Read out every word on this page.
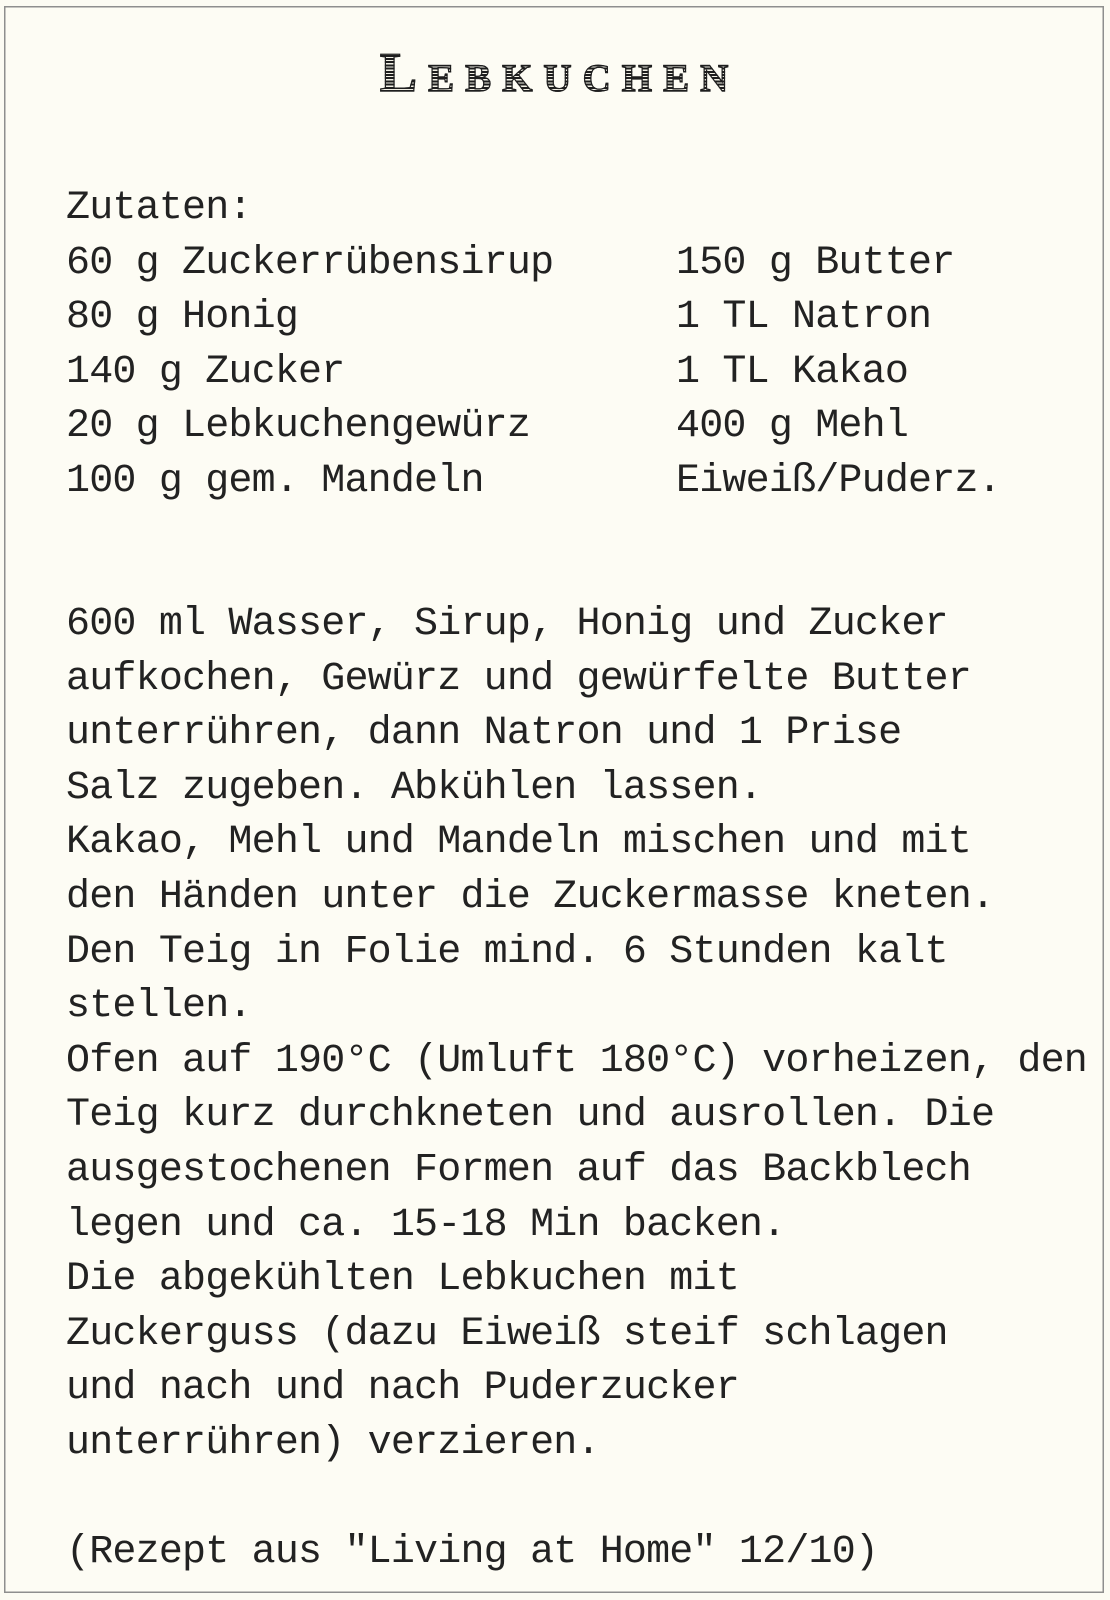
Lebkuchen
Zutaten:
60 g Zuckerrübensirup
80 g Honig
140 g Zucker
20 g Lebkuchengewürz
100 g gem. Mandeln
150 g Butter
1 TL Natron
1 TL Kakao
400 g Mehl
Eiweiß/Puderz.
600 ml Wasser, Sirup, Honig und Zucker
aufkochen, Gewürz und gewürfelte Butter
unterrühren, dann Natron und 1 Prise
Salz zugeben. Abkühlen lassen.
Kakao, Mehl und Mandeln mischen und mit
den Händen unter die Zuckermasse kneten.
Den Teig in Folie mind. 6 Stunden kalt
stellen.
Ofen auf 190°C (Umluft 180°C) vorheizen, den
Teig kurz durchkneten und ausrollen. Die
ausgestochenen Formen auf das Backblech
legen und ca. 15-18 Min backen.
Die abgekühlten Lebkuchen mit
Zuckerguss (dazu Eiweiß steif schlagen
und nach und nach Puderzucker
unterrühren) verzieren.
(Rezept aus "Living at Home" 12/10)
